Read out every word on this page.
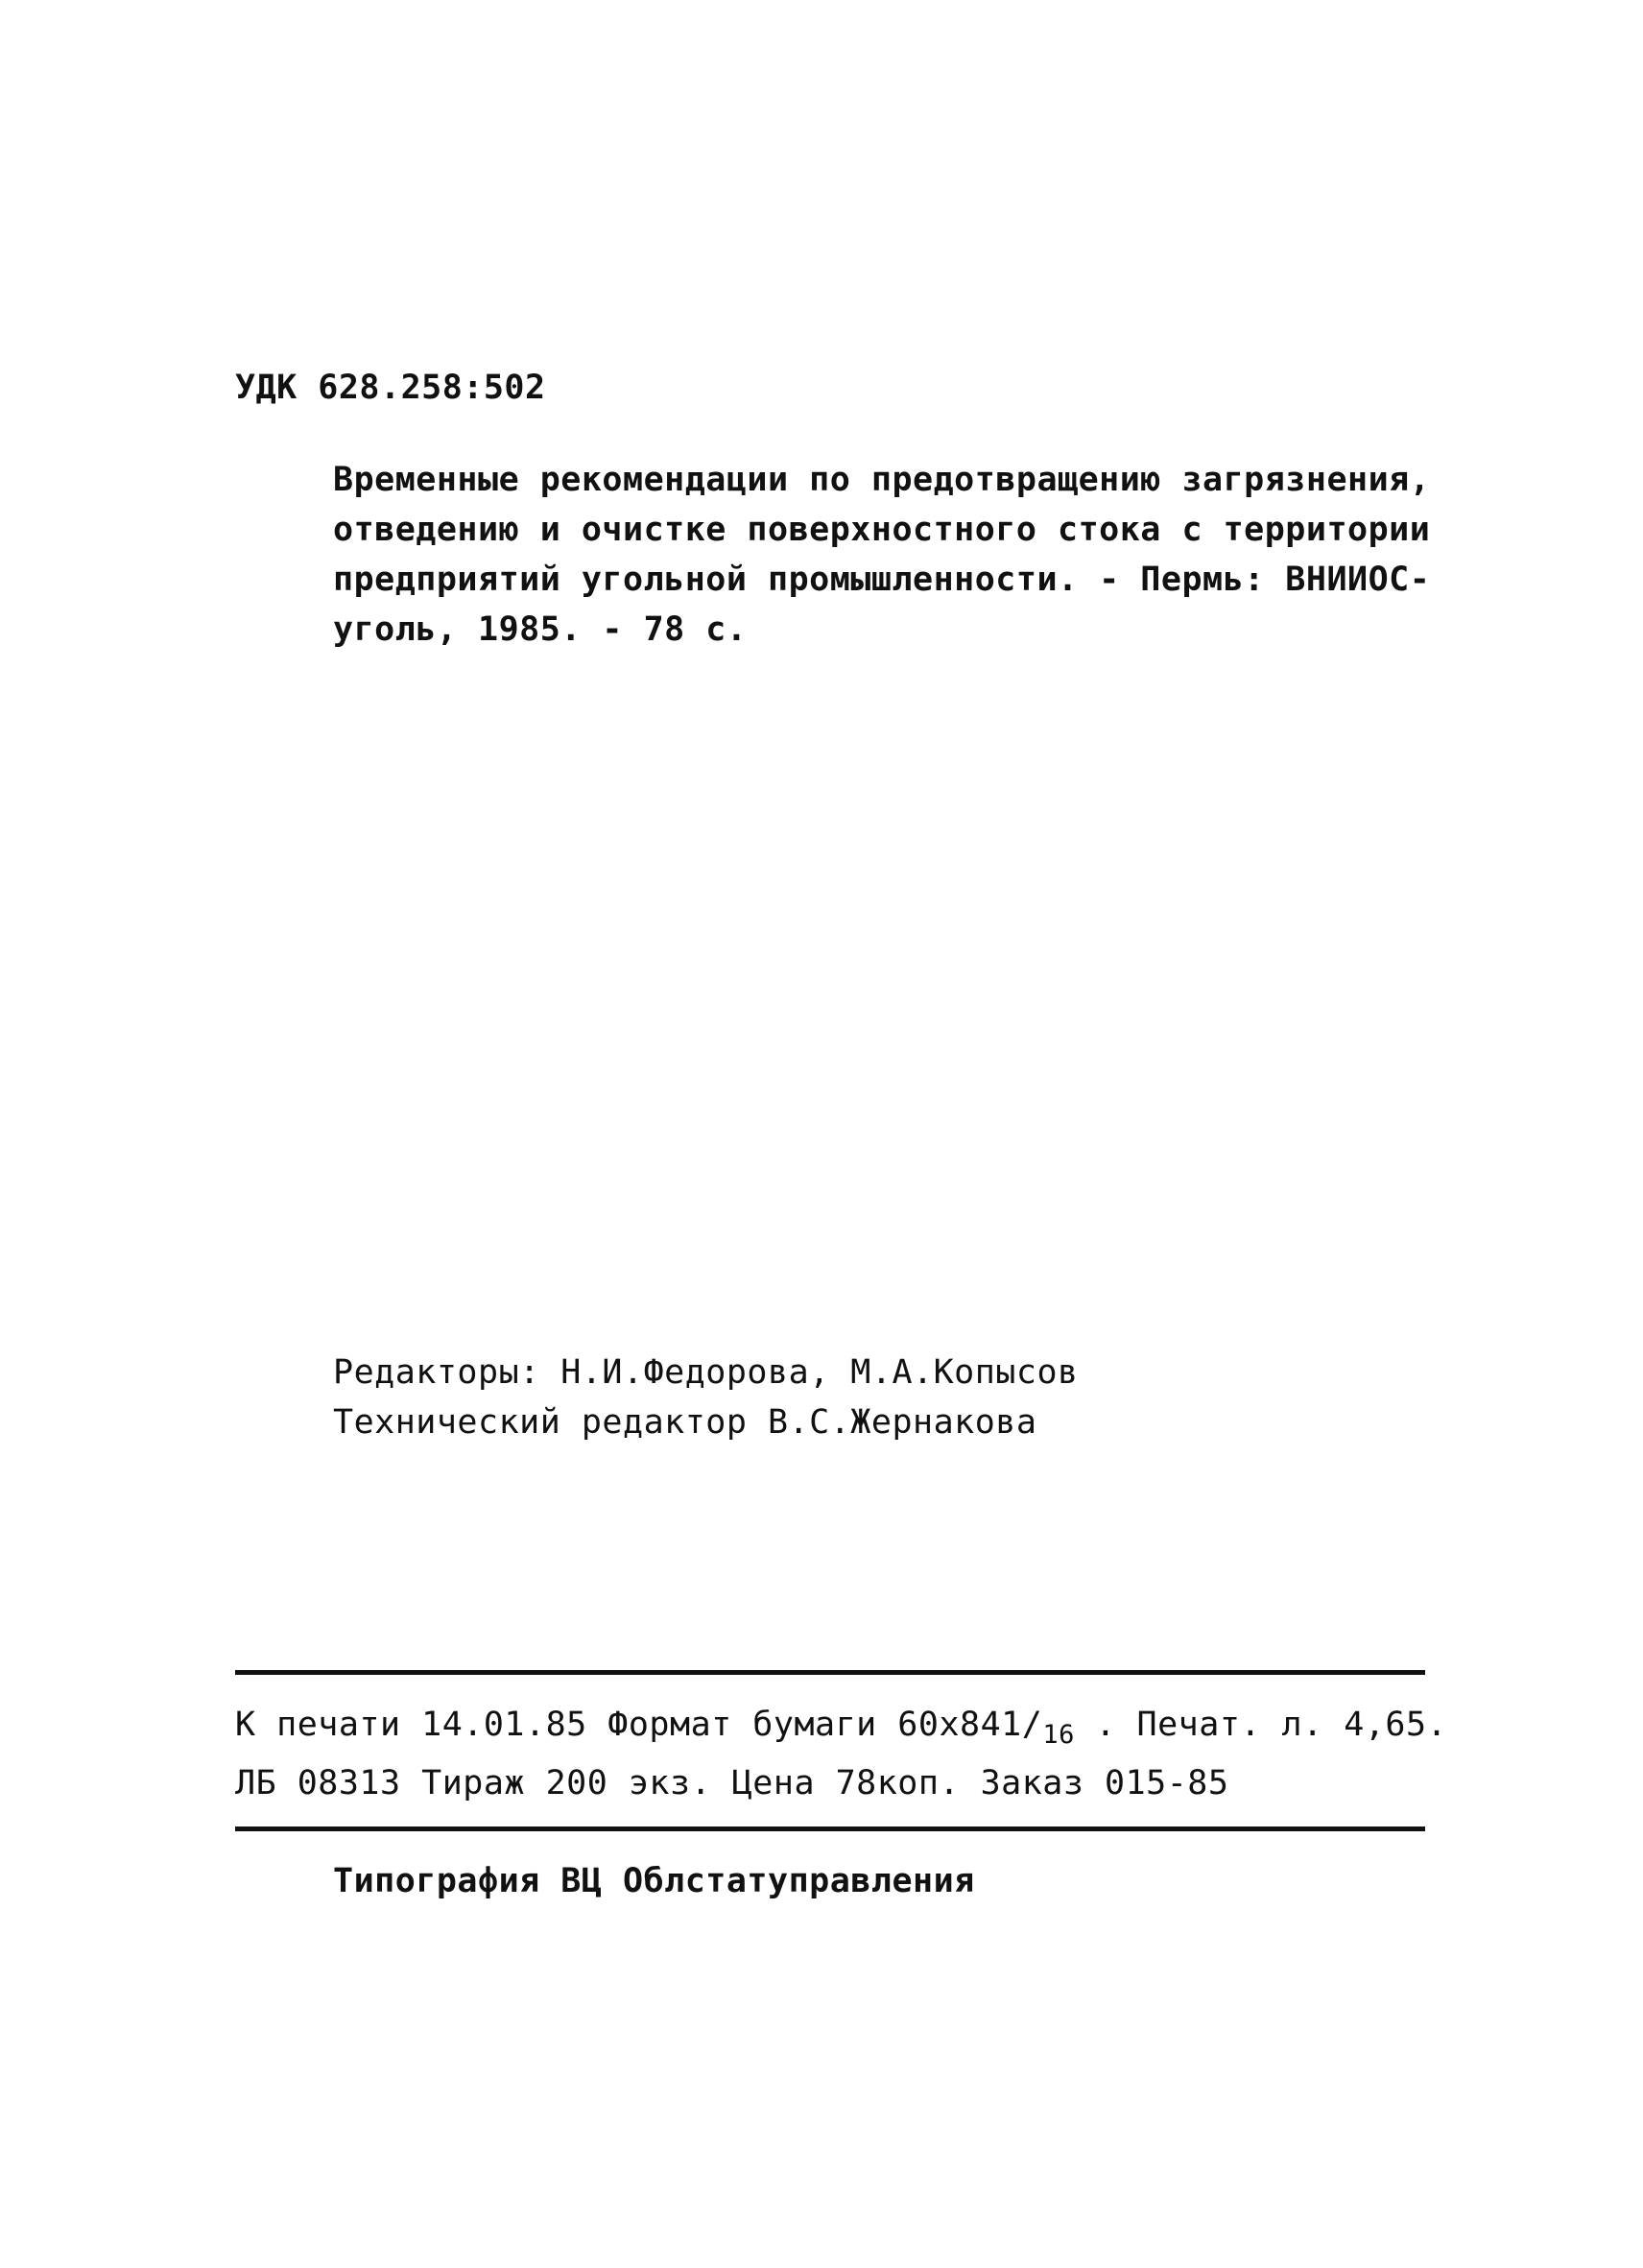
УДК 628.258:502
Временные рекомендации по предотвращению загрязнения,
отведению и очистке поверхностного стока с территории
предприятий угольной промышленности. - Пермь: ВНИИОС-
уголь, 1985. - 78 с.
Редакторы: Н.И.Федорова, М.А.Копысов
Технический редактор В.С.Жернакова
К печати 14.01.85 Формат бумаги $60х841/_{16}$ . Печат. л. 4,65.
ЛБ 08313 Тираж 200 экз. Цена 78коп. Заказ 015-85
Типография ВЦ Облстатуправления
